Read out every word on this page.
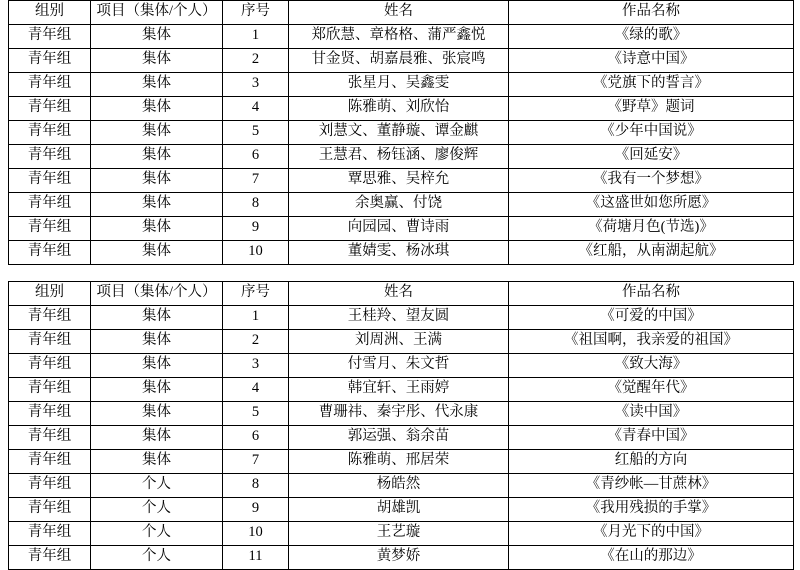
组别	项目（集体/个人）	序号	姓名	作品名称
青年组	集体	1	郑欣慧、章格格、蒲严鑫悦	《绿的歌》
青年组	集体	2	甘金贤、胡嘉晨雅、张宸鸣	《诗意中国》
青年组	集体	3	张星月、吴鑫雯	《党旗下的誓言》
青年组	集体	4	陈雅萌、刘欣怡	《野草》题词
青年组	集体	5	刘慧文、董静璇、谭金麒	《少年中国说》
青年组	集体	6	王慧君、杨钰涵、廖俊辉	《回延安》
青年组	集体	7	覃思雅、吴梓允	《我有一个梦想》
青年组	集体	8	余奥赢、付饶	《这盛世如您所愿》
青年组	集体	9	向园园、曹诗雨	《荷塘月色(节选)》
青年组	集体	10	董婧雯、杨冰琪	《红船，从南湖起航》
组别	项目（集体/个人）	序号	姓名	作品名称
青年组	集体	1	王桂羚、望友圆	《可爱的中国》
青年组	集体	2	刘周洲、王满	《祖国啊，我亲爱的祖国》
青年组	集体	3	付雪月、朱文哲	《致大海》
青年组	集体	4	韩宜轩、王雨婷	《觉醒年代》
青年组	集体	5	曹珊祎、秦宇彤、代永康	《读中国》
青年组	集体	6	郭运强、翁余苗	《青春中国》
青年组	集体	7	陈雅萌、邢居荣	红船的方向
青年组	个人	8	杨皓然	《青纱帐—甘蔗林》
青年组	个人	9	胡雄凯	《我用残损的手掌》
青年组	个人	10	王艺璇	《月光下的中国》
青年组	个人	11	黄梦娇	《在山的那边》
